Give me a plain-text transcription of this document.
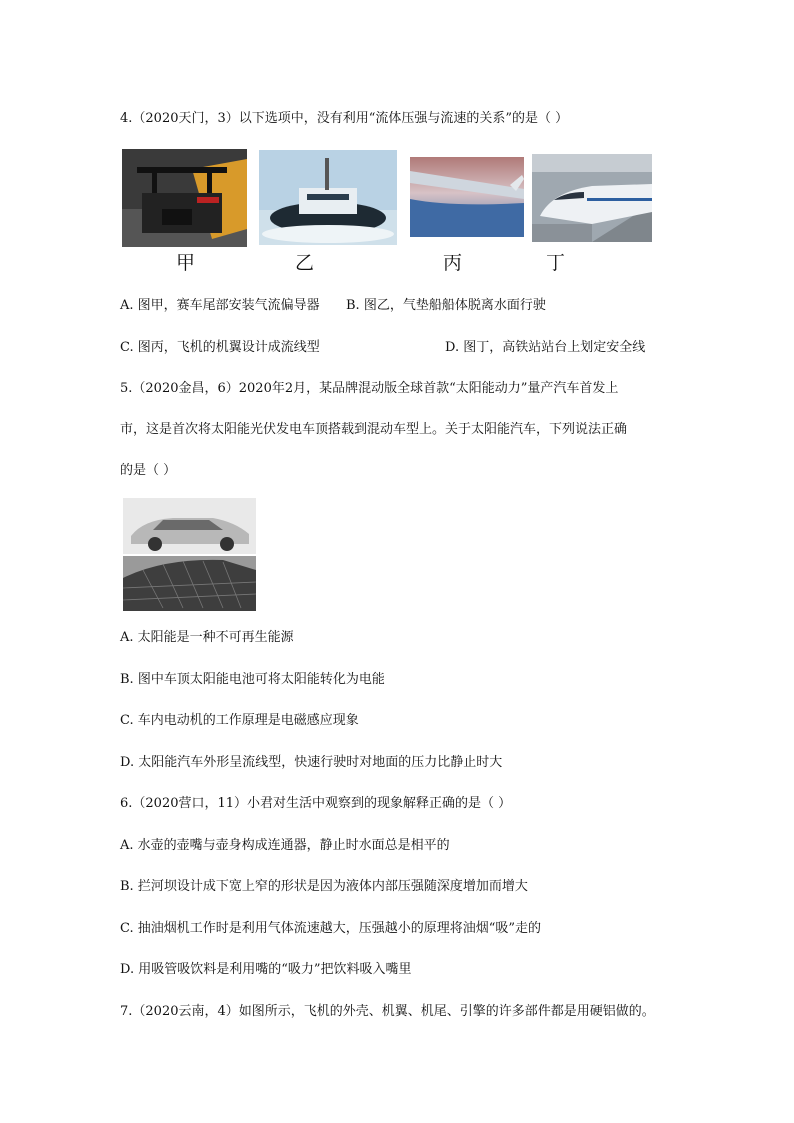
4.（2020天门，3）以下选项中，没有利用“流体压强与流速的关系”的是（ ）
甲	乙	丙	丁
A. 图甲，赛车尾部安装气流偏导器 B. 图乙，气垫船船体脱离水面行驶
C. 图丙，飞机的机翼设计成流线型	D. 图丁，高铁站站台上划定安全线
5.（2020金昌，6）2020年2月，某品牌混动版全球首款“太阳能动力”量产汽车首发上
市，这是首次将太阳能光伏发电车顶搭载到混动车型上。关于太阳能汽车，下列说法正确
的是（ ）
A. 太阳能是一种不可再生能源
B. 图中车顶太阳能电池可将太阳能转化为电能
C. 车内电动机的工作原理是电磁感应现象
D. 太阳能汽车外形呈流线型，快速行驶时对地面的压力比静止时大
6.（2020营口，11）小君对生活中观察到的现象解释正确的是（ ）
A. 水壶的壶嘴与壶身构成连通器，静止时水面总是相平的
B. 拦河坝设计成下宽上窄的形状是因为液体内部压强随深度增加而增大
C. 抽油烟机工作时是利用气体流速越大，压强越小的原理将油烟“吸”走的
D. 用吸管吸饮料是利用嘴的“吸力”把饮料吸入嘴里
7.（2020云南，4）如图所示，飞机的外壳、机翼、机尾、引擎的许多部件都是用硬铝做的。
